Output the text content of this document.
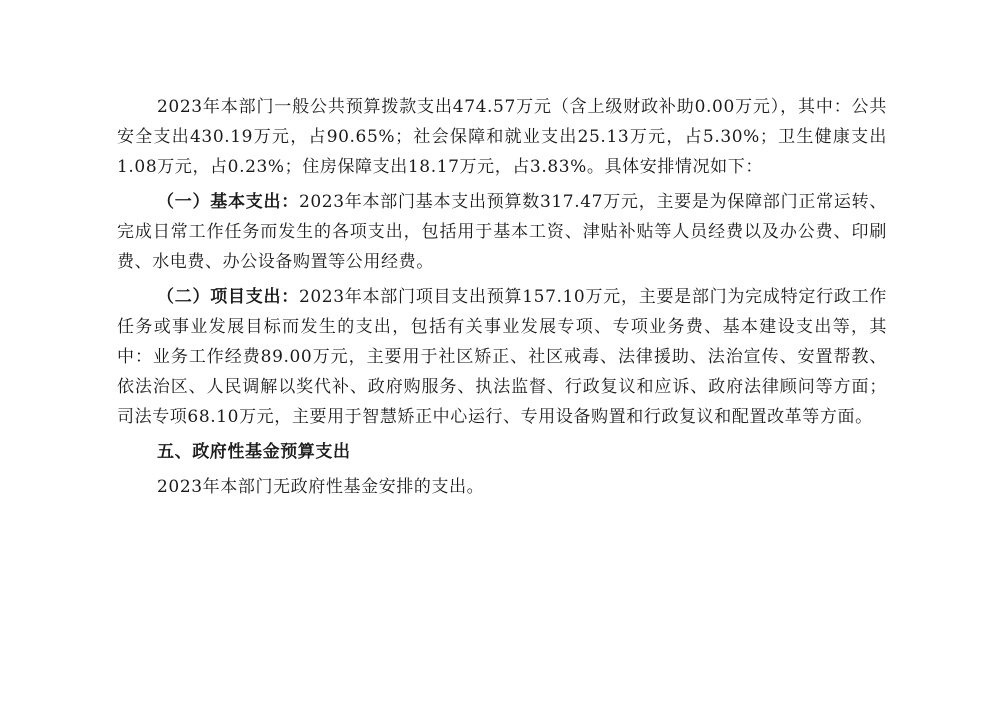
2023年本部门一般公共预算拨款支出474.57万元（含上级财政补助0.00万元），其中：公共安全支出430.19万元，占90.65%；社会保障和就业支出25.13万元，占5.30%；卫生健康支出1.08万元，占0.23%；住房保障支出18.17万元，占3.83%。具体安排情况如下：

（一）基本支出：2023年本部门基本支出预算数317.47万元，主要是为保障部门正常运转、完成日常工作任务而发生的各项支出，包括用于基本工资、津贴补贴等人员经费以及办公费、印刷费、水电费、办公设备购置等公用经费。

（二）项目支出：2023年本部门项目支出预算157.10万元，主要是部门为完成特定行政工作任务或事业发展目标而发生的支出，包括有关事业发展专项、专项业务费、基本建设支出等，其中：业务工作经费89.00万元，主要用于社区矫正、社区戒毒、法律援助、法治宣传、安置帮教、依法治区、人民调解以奖代补、政府购服务、执法监督、行政复议和应诉、政府法律顾问等方面；司法专项68.10万元，主要用于智慧矫正中心运行、专用设备购置和行政复议和配置改革等方面。

五、政府性基金预算支出

2023年本部门无政府性基金安排的支出。
